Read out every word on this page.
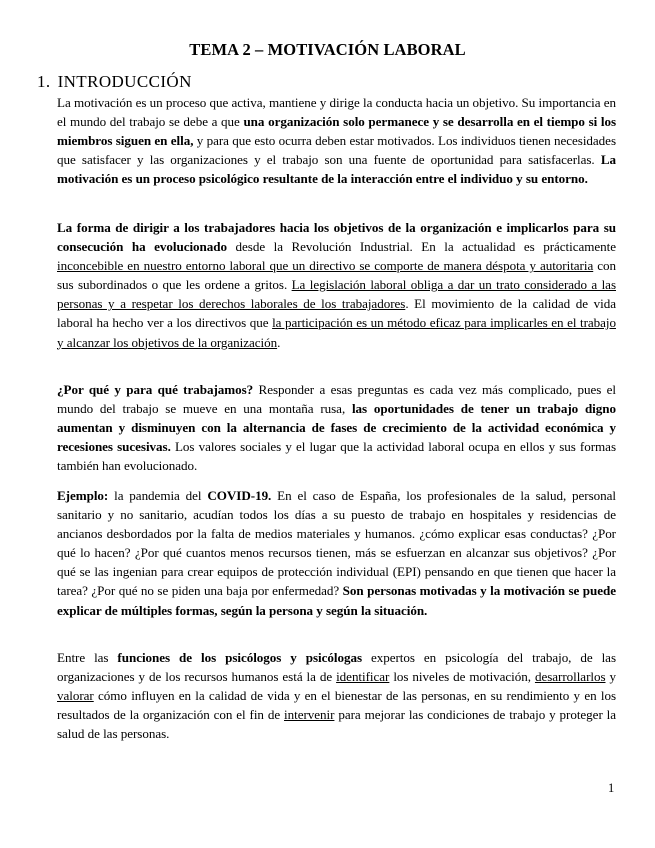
TEMA 2 – MOTIVACIÓN LABORAL
1. INTRODUCCIÓN

La motivación es un proceso que activa, mantiene y dirige la conducta hacia un objetivo. Su importancia en el mundo del trabajo se debe a que una organización solo permanece y se desarrolla en el tiempo si los miembros siguen en ella, y para que esto ocurra deben estar motivados. Los individuos tienen necesidades que satisfacer y las organizaciones y el trabajo son una fuente de oportunidad para satisfacerlas. La motivación es un proceso psicológico resultante de la interacción entre el individuo y su entorno.

La forma de dirigir a los trabajadores hacia los objetivos de la organización e implicarlos para su consecución ha evolucionado desde la Revolución Industrial. En la actualidad es prácticamente inconcebible en nuestro entorno laboral que un directivo se comporte de manera déspota y autoritaria con sus subordinados o que les ordene a gritos. La legislación laboral obliga a dar un trato considerado a las personas y a respetar los derechos laborales de los trabajadores. El movimiento de la calidad de vida laboral ha hecho ver a los directivos que la participación es un método eficaz para implicarles en el trabajo y alcanzar los objetivos de la organización.

¿Por qué y para qué trabajamos? Responder a esas preguntas es cada vez más complicado, pues el mundo del trabajo se mueve en una montaña rusa, las oportunidades de tener un trabajo digno aumentan y disminuyen con la alternancia de fases de crecimiento de la actividad económica y recesiones sucesivas. Los valores sociales y el lugar que la actividad laboral ocupa en ellos y sus formas también han evolucionado.

Ejemplo: la pandemia del COVID-19. En el caso de España, los profesionales de la salud, personal sanitario y no sanitario, acudían todos los días a su puesto de trabajo en hospitales y residencias de ancianos desbordados por la falta de medios materiales y humanos. ¿cómo explicar esas conductas? ¿Por qué lo hacen? ¿Por qué cuantos menos recursos tienen, más se esfuerzan en alcanzar sus objetivos? ¿Por qué se las ingenian para crear equipos de protección individual (EPI) pensando en que tienen que hacer la tarea? ¿Por qué no se piden una baja por enfermedad? Son personas motivadas y la motivación se puede explicar de múltiples formas, según la persona y según la situación.

Entre las funciones de los psicólogos y psicólogas expertos en psicología del trabajo, de las organizaciones y de los recursos humanos está la de identificar los niveles de motivación, desarrollarlos y valorar cómo influyen en la calidad de vida y en el bienestar de las personas, en su rendimiento y en los resultados de la organización con el fin de intervenir para mejorar las condiciones de trabajo y proteger la salud de las personas.

1
